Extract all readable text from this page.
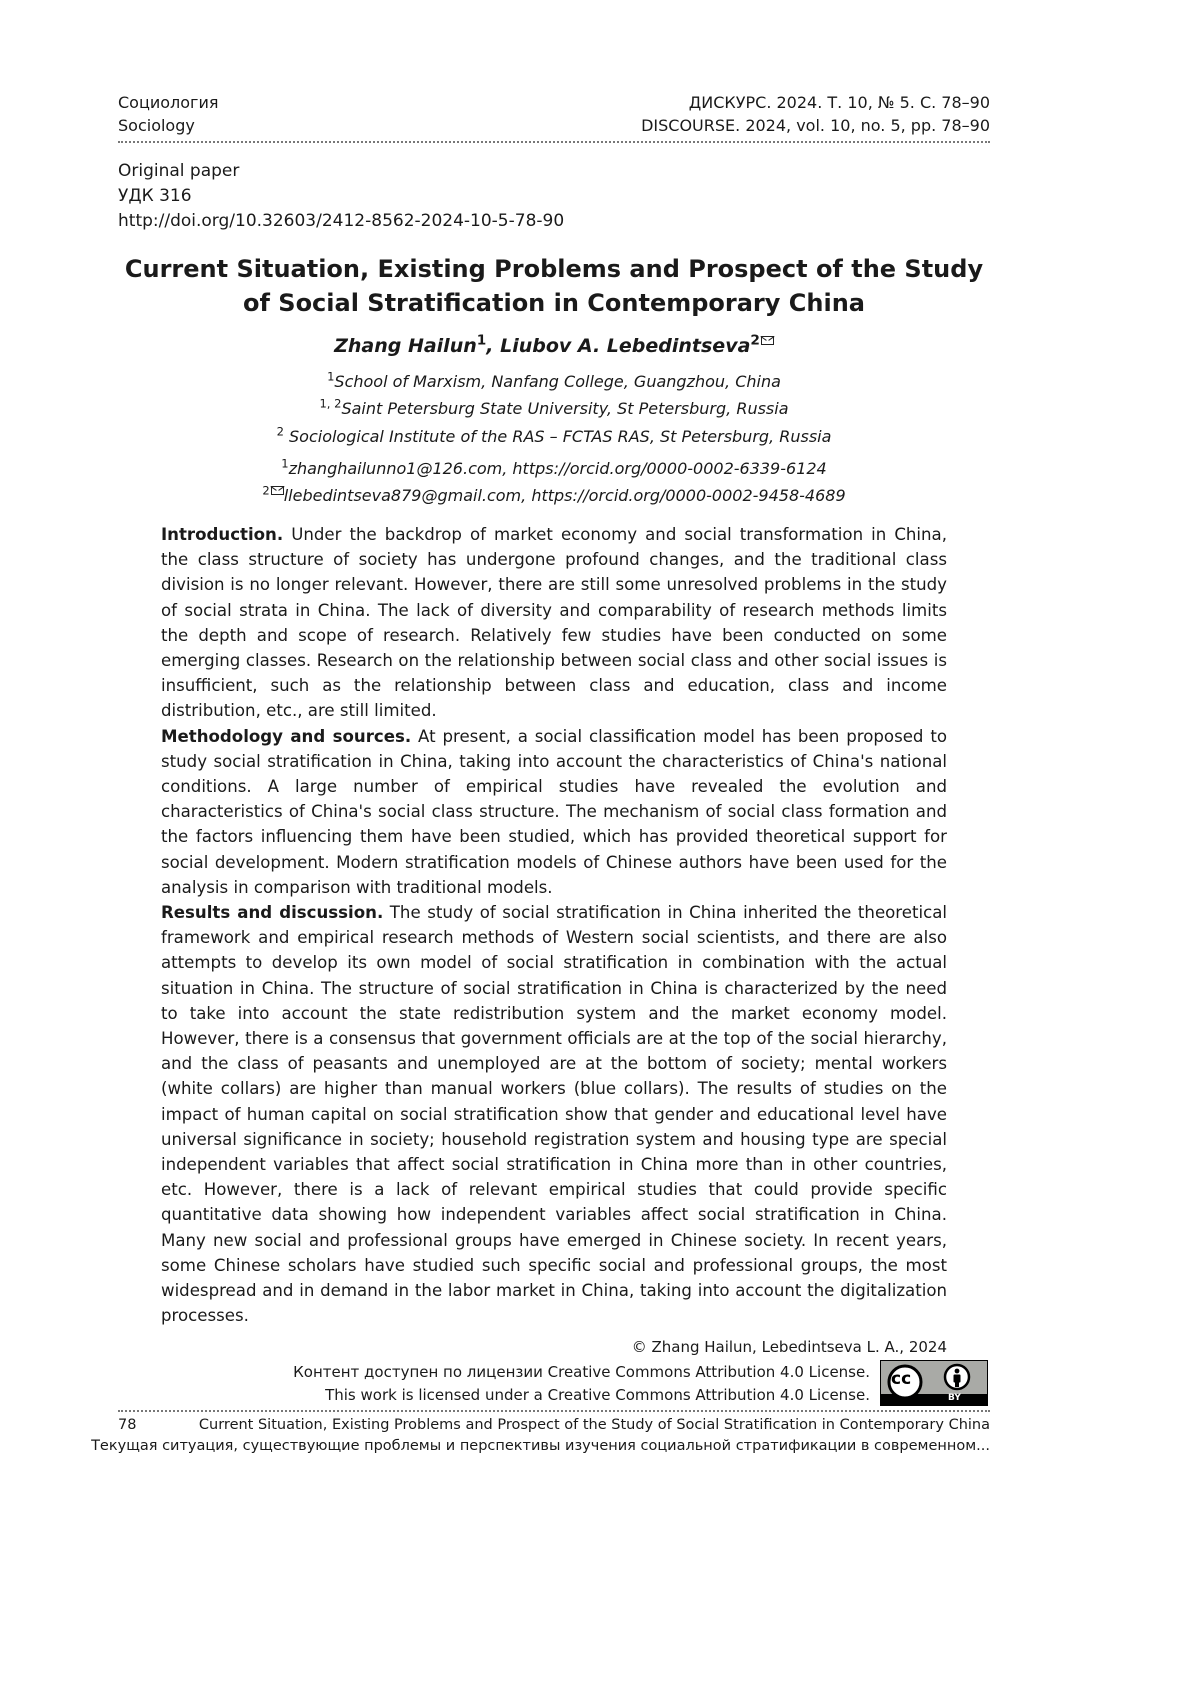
Социология
Sociology
ДИСКУРС. 2024. Т. 10, № 5. С. 78–90
DISCOURSE. 2024, vol. 10, no. 5, pp. 78–90
Original paper
УДК 316
http://doi.org/10.32603/2412-8562-2024-10-5-78-90
Current Situation, Existing Problems and Prospect of the Study
of Social Stratification in Contemporary China
Zhang Hailun$^1$, Liubov A. Lebedintseva$^2$
$^1$School of Marxism, Nanfang College, Guangzhou, China
$^{1, 2}$Saint Petersburg State University, St Petersburg, Russia
$^2$ Sociological Institute of the RAS – FCTAS RAS, St Petersburg, Russia
$^1$zhanghailunno1@126.com, https://orcid.org/0000-0002-6339-6124
$^2$ llebedintseva879@gmail.com, https://orcid.org/0000-0002-9458-4689

Introduction. Under the backdrop of market economy and social transformation in China, the class structure of society has undergone profound changes, and the traditional class division is no longer relevant. However, there are still some unresolved problems in the study of social strata in China. The lack of diversity and comparability of research methods limits the depth and scope of research. Relatively few studies have been conducted on some emerging classes. Research on the relationship between social class and other social issues is insufficient, such as the relationship between class and education, class and income distribution, etc., are still limited.

Methodology and sources. At present, a social classification model has been proposed to study social stratification in China, taking into account the characteristics of China's national conditions. A large number of empirical studies have revealed the evolution and characteristics of China's social class structure. The mechanism of social class formation and the factors influencing them have been studied, which has provided theoretical support for social development. Modern stratification models of Chinese authors have been used for the analysis in comparison with traditional models.

Results and discussion. The study of social stratification in China inherited the theoretical framework and empirical research methods of Western social scientists, and there are also attempts to develop its own model of social stratification in combination with the actual situation in China. The structure of social stratification in China is characterized by the need to take into account the state redistribution system and the market economy model. However, there is a consensus that government officials are at the top of the social hierarchy, and the class of peasants and unemployed are at the bottom of society; mental workers (white collars) are higher than manual workers (blue collars). The results of studies on the impact of human capital on social stratification show that gender and educational level have universal significance in society; household registration system and housing type are special independent variables that affect social stratification in China more than in other countries, etc. However, there is a lack of relevant empirical studies that could provide specific quantitative data showing how independent variables affect social stratification in China. Many new social and professional groups have emerged in Chinese society. In recent years, some Chinese scholars have studied such specific social and professional groups, the most widespread and in demand in the labor market in China, taking into account the digitalization processes.

© Zhang Hailun, Lebedintseva L. A., 2024
Контент доступен по лицензии Creative Commons Attribution 4.0 License.
This work is licensed under a Creative Commons Attribution 4.0 License.
cc
BY
78	Current Situation, Existing Problems and Prospect of the Study of Social Stratification in Contemporary China
Текущая ситуация, существующие проблемы и перспективы изучения социальной стратификации в современном...
